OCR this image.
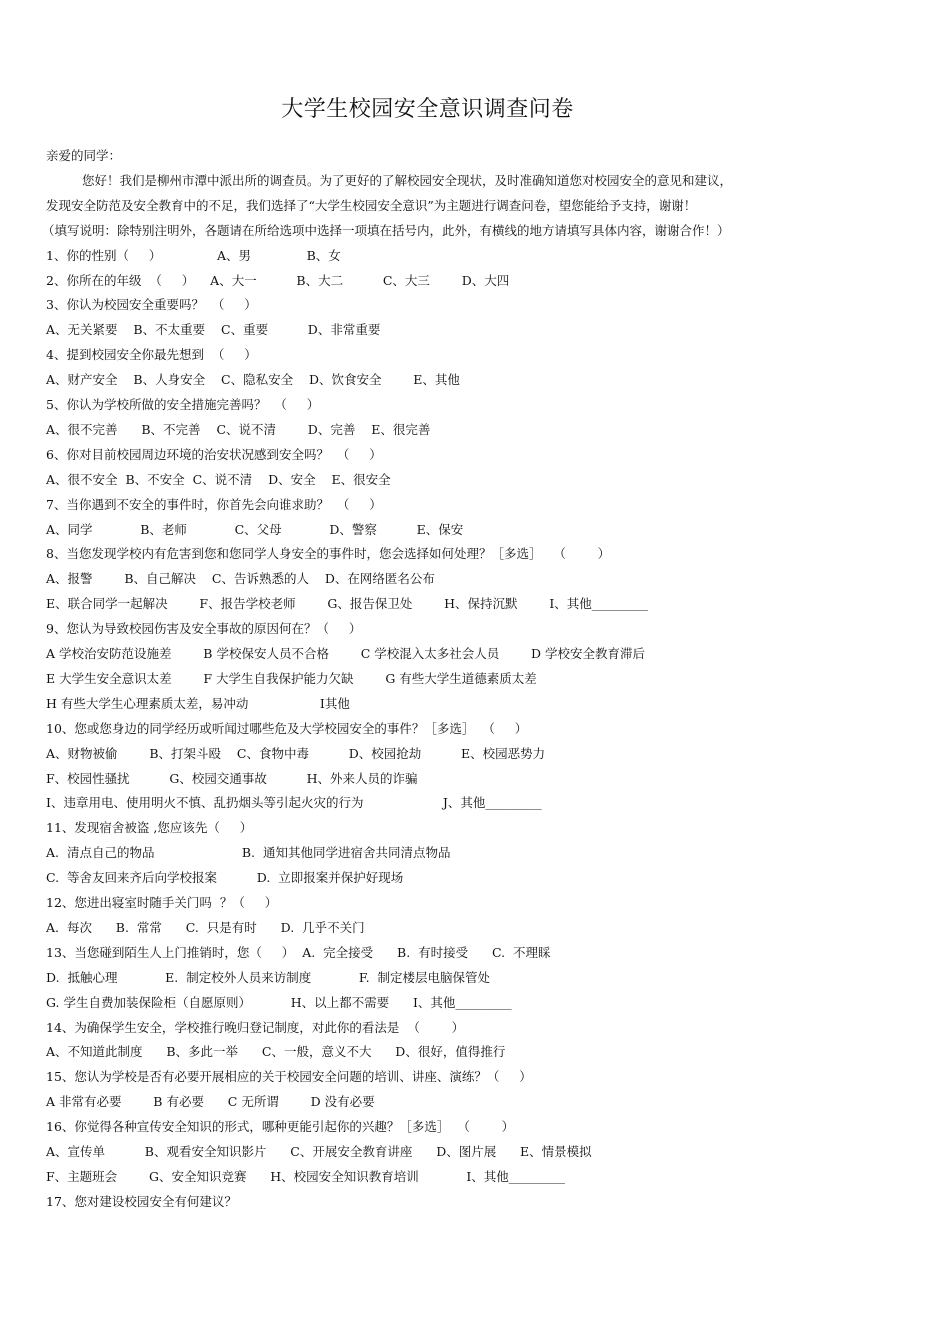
大学生校园安全意识调查问卷
亲爱的同学：
您好！我们是柳州市潭中派出所的调查员。为了更好的了解校园安全现状，及时准确知道您对校园安全的意见和建议，
发现安全防范及安全教育中的不足，我们选择了“大学生校园安全意识”为主题进行调查问卷，望您能给予支持，谢谢！
（填写说明：除特别注明外，各题请在所给选项中选择一项填在括号内，此外，有横线的地方请填写具体内容，谢谢合作！）
1、你的性别（     ）              A、男              B、女
2、你所在的年级  （     ）    A、大一          B、大二          C、大三        D、大四
3、你认为校园安全重要吗？  （     ）
A、无关紧要    B、不太重要    C、重要          D、非常重要
4、提到校园安全你最先想到  （     ）
A、财产安全    B、人身安全    C、隐私安全    D、饮食安全        E、其他
5、你认为学校所做的安全措施完善吗？  （     ）
A、很不完善      B、不完善    C、说不清        D、完善    E、很完善
6、你对目前校园周边环境的治安状况感到安全吗？  （     ）
A、很不安全  B、不安全  C、说不清    D、安全    E、很安全
7、当你遇到不安全的事件时，你首先会向谁求助？  （     ）
A、同学            B、老师            C、父母            D、警察          E、保安
8、当您发现学校内有危害到您和您同学人身安全的事件时，您会选择如何处理？［多选］   （        ）
A、报警        B、自己解决    C、告诉熟悉的人    D、在网络匿名公布
E、联合同学一起解决        F、报告学校老师        G、报告保卫处        H、保持沉默        I、其他_________
9、您认为导致校园伤害及安全事故的原因何在？（     ）
A 学校治安防范设施差        B 学校保安人员不合格        C 学校混入太多社会人员        D 学校安全教育滞后
E 大学生安全意识太差        F 大学生自我保护能力欠缺        G 有些大学生道德素质太差
H 有些大学生心理素质太差，易冲动                  I其他
10、您或您身边的同学经历或听闻过哪些危及大学校园安全的事件？［多选］  （     ）
A、财物被偷        B、打架斗殴    C、食物中毒          D、校园抢劫          E、校园恶势力
F、校园性骚扰          G、校园交通事故          H、外来人员的诈骗
I、违章用电、使用明火不慎、乱扔烟头等引起火灾的行为                    J、其他_________
11、发现宿舍被盗 ,您应该先（     ）
A.  清点自己的物品                      B.  通知其他同学进宿舍共同清点物品
C.  等舍友回来齐后向学校报案          D.  立即报案并保护好现场
12、您进出寝室时随手关门吗  ？（     ）
A.  每次      B.  常常      C.  只是有时      D.  几乎不关门
13、当您碰到陌生人上门推销时，您（     ）  A.  完全接受      B.  有时接受      C.  不理睬
D.  抵触心理            E.  制定校外人员来访制度            F.  制定楼层电脑保管处
G. 学生自费加装保险柜（自愿原则）          H、以上都不需要      I、其他_________
14、为确保学生安全，学校推行晚归登记制度，对此你的看法是  （        ）
A、不知道此制度      B、多此一举      C、一般，意义不大      D、很好，值得推行
15、您认为学校是否有必要开展相应的关于校园安全问题的培训、讲座、演练？（     ）
A 非常有必要        B 有必要      C 无所谓        D 没有必要
16、你觉得各种宣传安全知识的形式，哪种更能引起你的兴趣？［多选］  （        ）
A、宣传单          B、观看安全知识影片      C、开展安全教育讲座      D、图片展      E、情景模拟
F、主题班会        G、安全知识竞赛      H、校园安全知识教育培训            I、其他_________
17、您对建设校园安全有何建议？
